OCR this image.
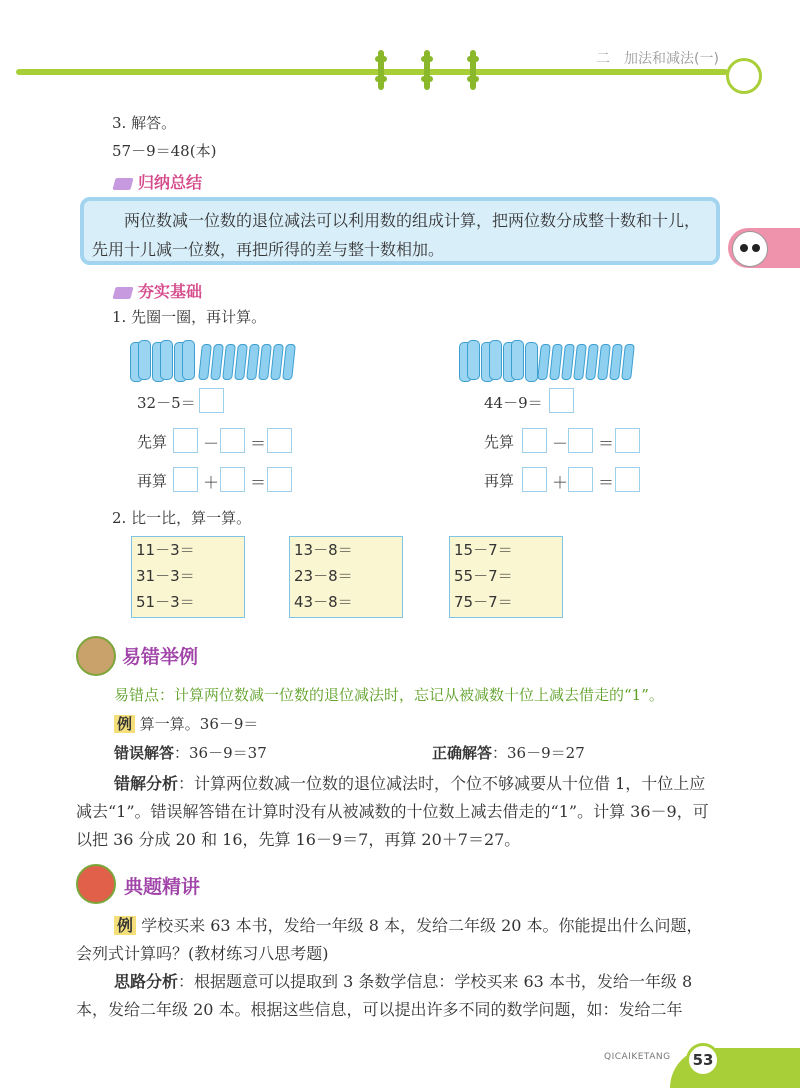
二　加法和减法(一)
3. 解答。
57－9＝48(本)
归纳总结
两位数减一位数的退位减法可以利用数的组成计算，把两位数分成整十数和十儿，先用十儿减一位数，再把所得的差与整十数相加。
夯实基础
1. 先圈一圈，再计算。
32－5＝
先算 － ＝
再算 ＋ ＝
44－9＝
先算 － ＝
再算 ＋ ＝
2. 比一比，算一算。
11－3＝
31－3＝
51－3＝
13－8＝
23－8＝
43－8＝
15－7＝
55－7＝
75－7＝
易错举例
易错点：计算两位数减一位数的退位减法时，忘记从被减数十位上减去借走的“1”。
例 算一算。36－9＝
错误解答：36－9＝37	正确解答：36－9＝27
错解分析：计算两位数减一位数的退位减法时，个位不够减要从十位借 1，十位上应减去“1”。错误解答错在计算时没有从被减数的十位数上减去借走的“1”。计算 36－9，可以把 36 分成 20 和 16，先算 16－9＝7，再算 20＋7＝27。
典题精讲
例 学校买来 63 本书，发给一年级 8 本，发给二年级 20 本。你能提出什么问题，会列式计算吗？(教材练习八思考题)
思路分析：根据题意可以提取到 3 条数学信息：学校买来 63 本书，发给一年级 8 本，发给二年级 20 本。根据这些信息，可以提出许多不同的数学问题，如：发给二年
QICAIKETANG	53
